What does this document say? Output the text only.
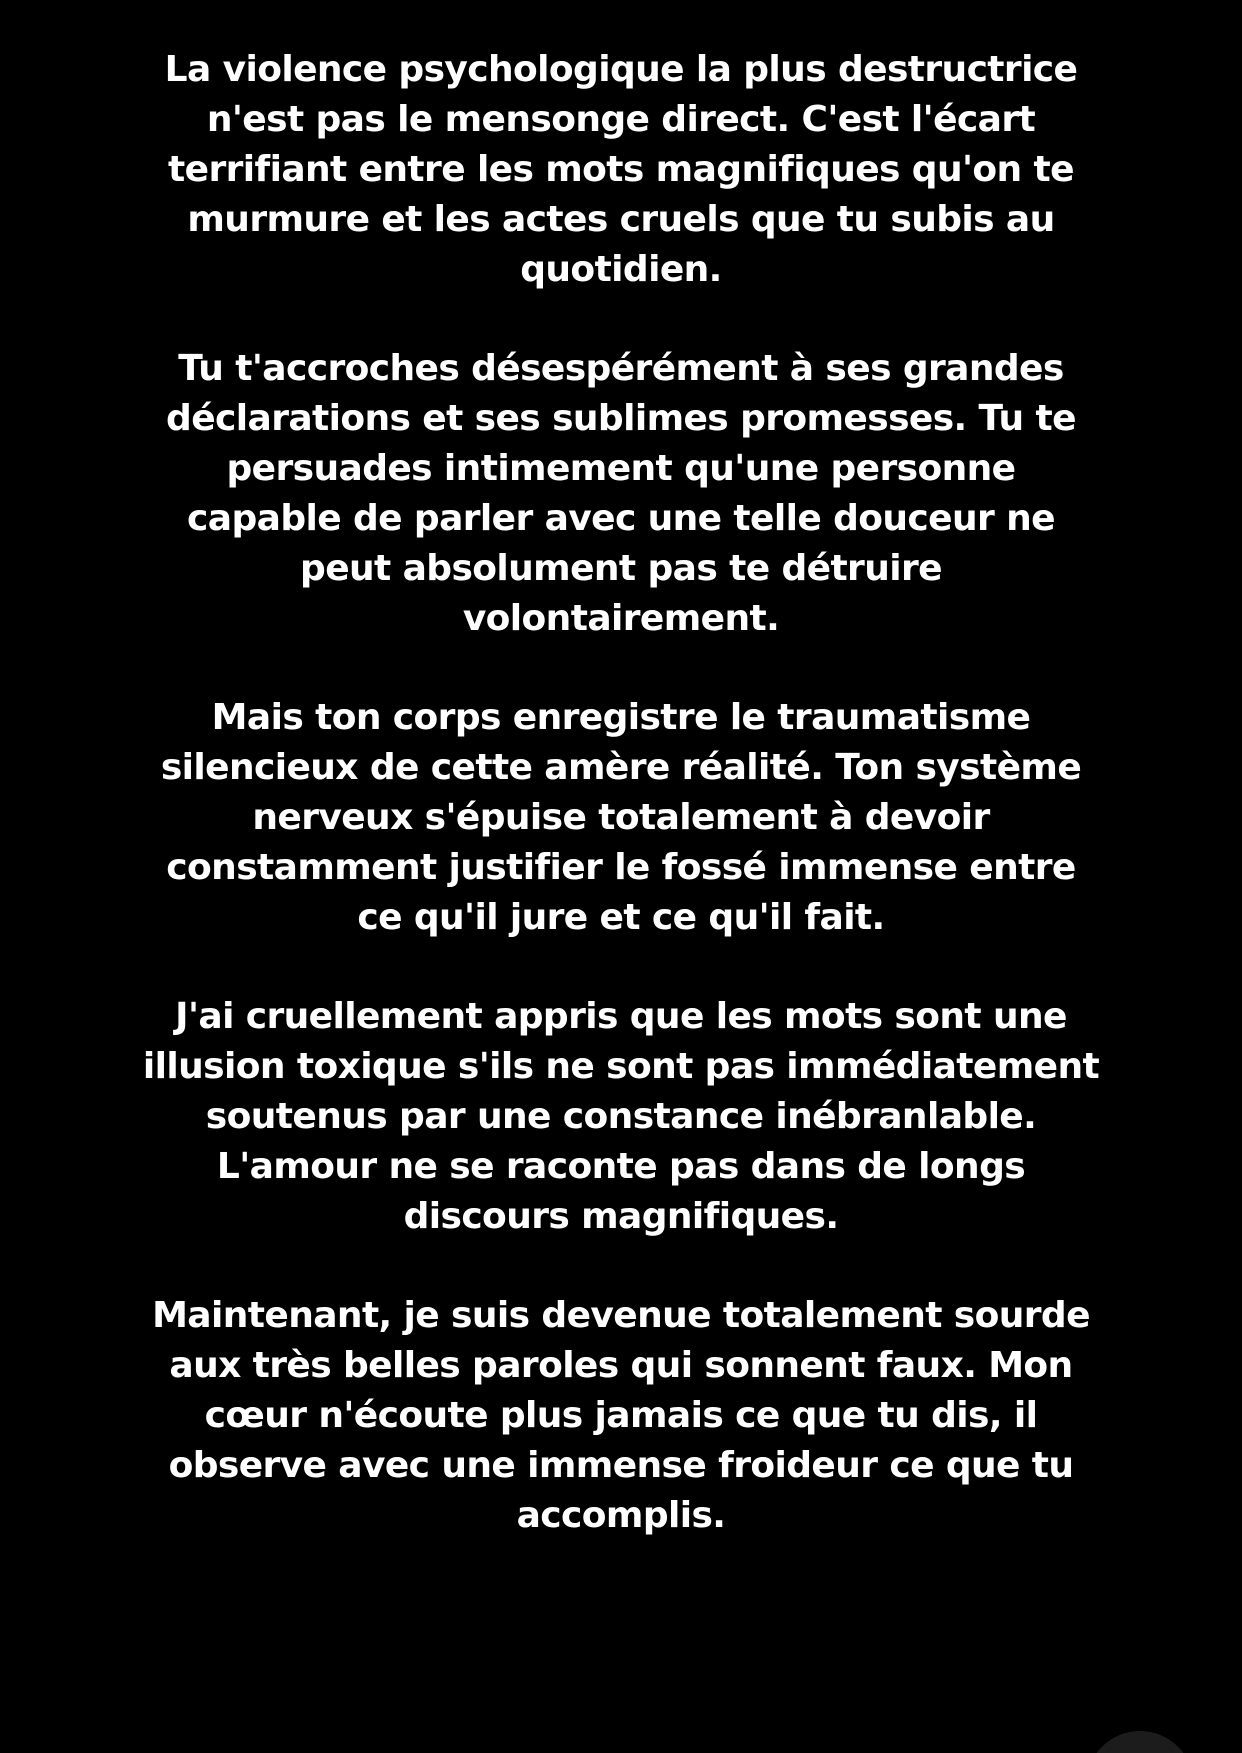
La violence psychologique la plus destructrice
n'est pas le mensonge direct. C'est l'écart
terrifiant entre les mots magnifiques qu'on te
murmure et les actes cruels que tu subis au
quotidien.

Tu t'accroches désespérément à ses grandes
déclarations et ses sublimes promesses. Tu te
persuades intimement qu'une personne
capable de parler avec une telle douceur ne
peut absolument pas te détruire
volontairement.

Mais ton corps enregistre le traumatisme
silencieux de cette amère réalité. Ton système
nerveux s'épuise totalement à devoir
constamment justifier le fossé immense entre
ce qu'il jure et ce qu'il fait.

J'ai cruellement appris que les mots sont une
illusion toxique s'ils ne sont pas immédiatement
soutenus par une constance inébranlable.
L'amour ne se raconte pas dans de longs
discours magnifiques.

Maintenant, je suis devenue totalement sourde
aux très belles paroles qui sonnent faux. Mon
cœur n'écoute plus jamais ce que tu dis, il
observe avec une immense froideur ce que tu
accomplis.
